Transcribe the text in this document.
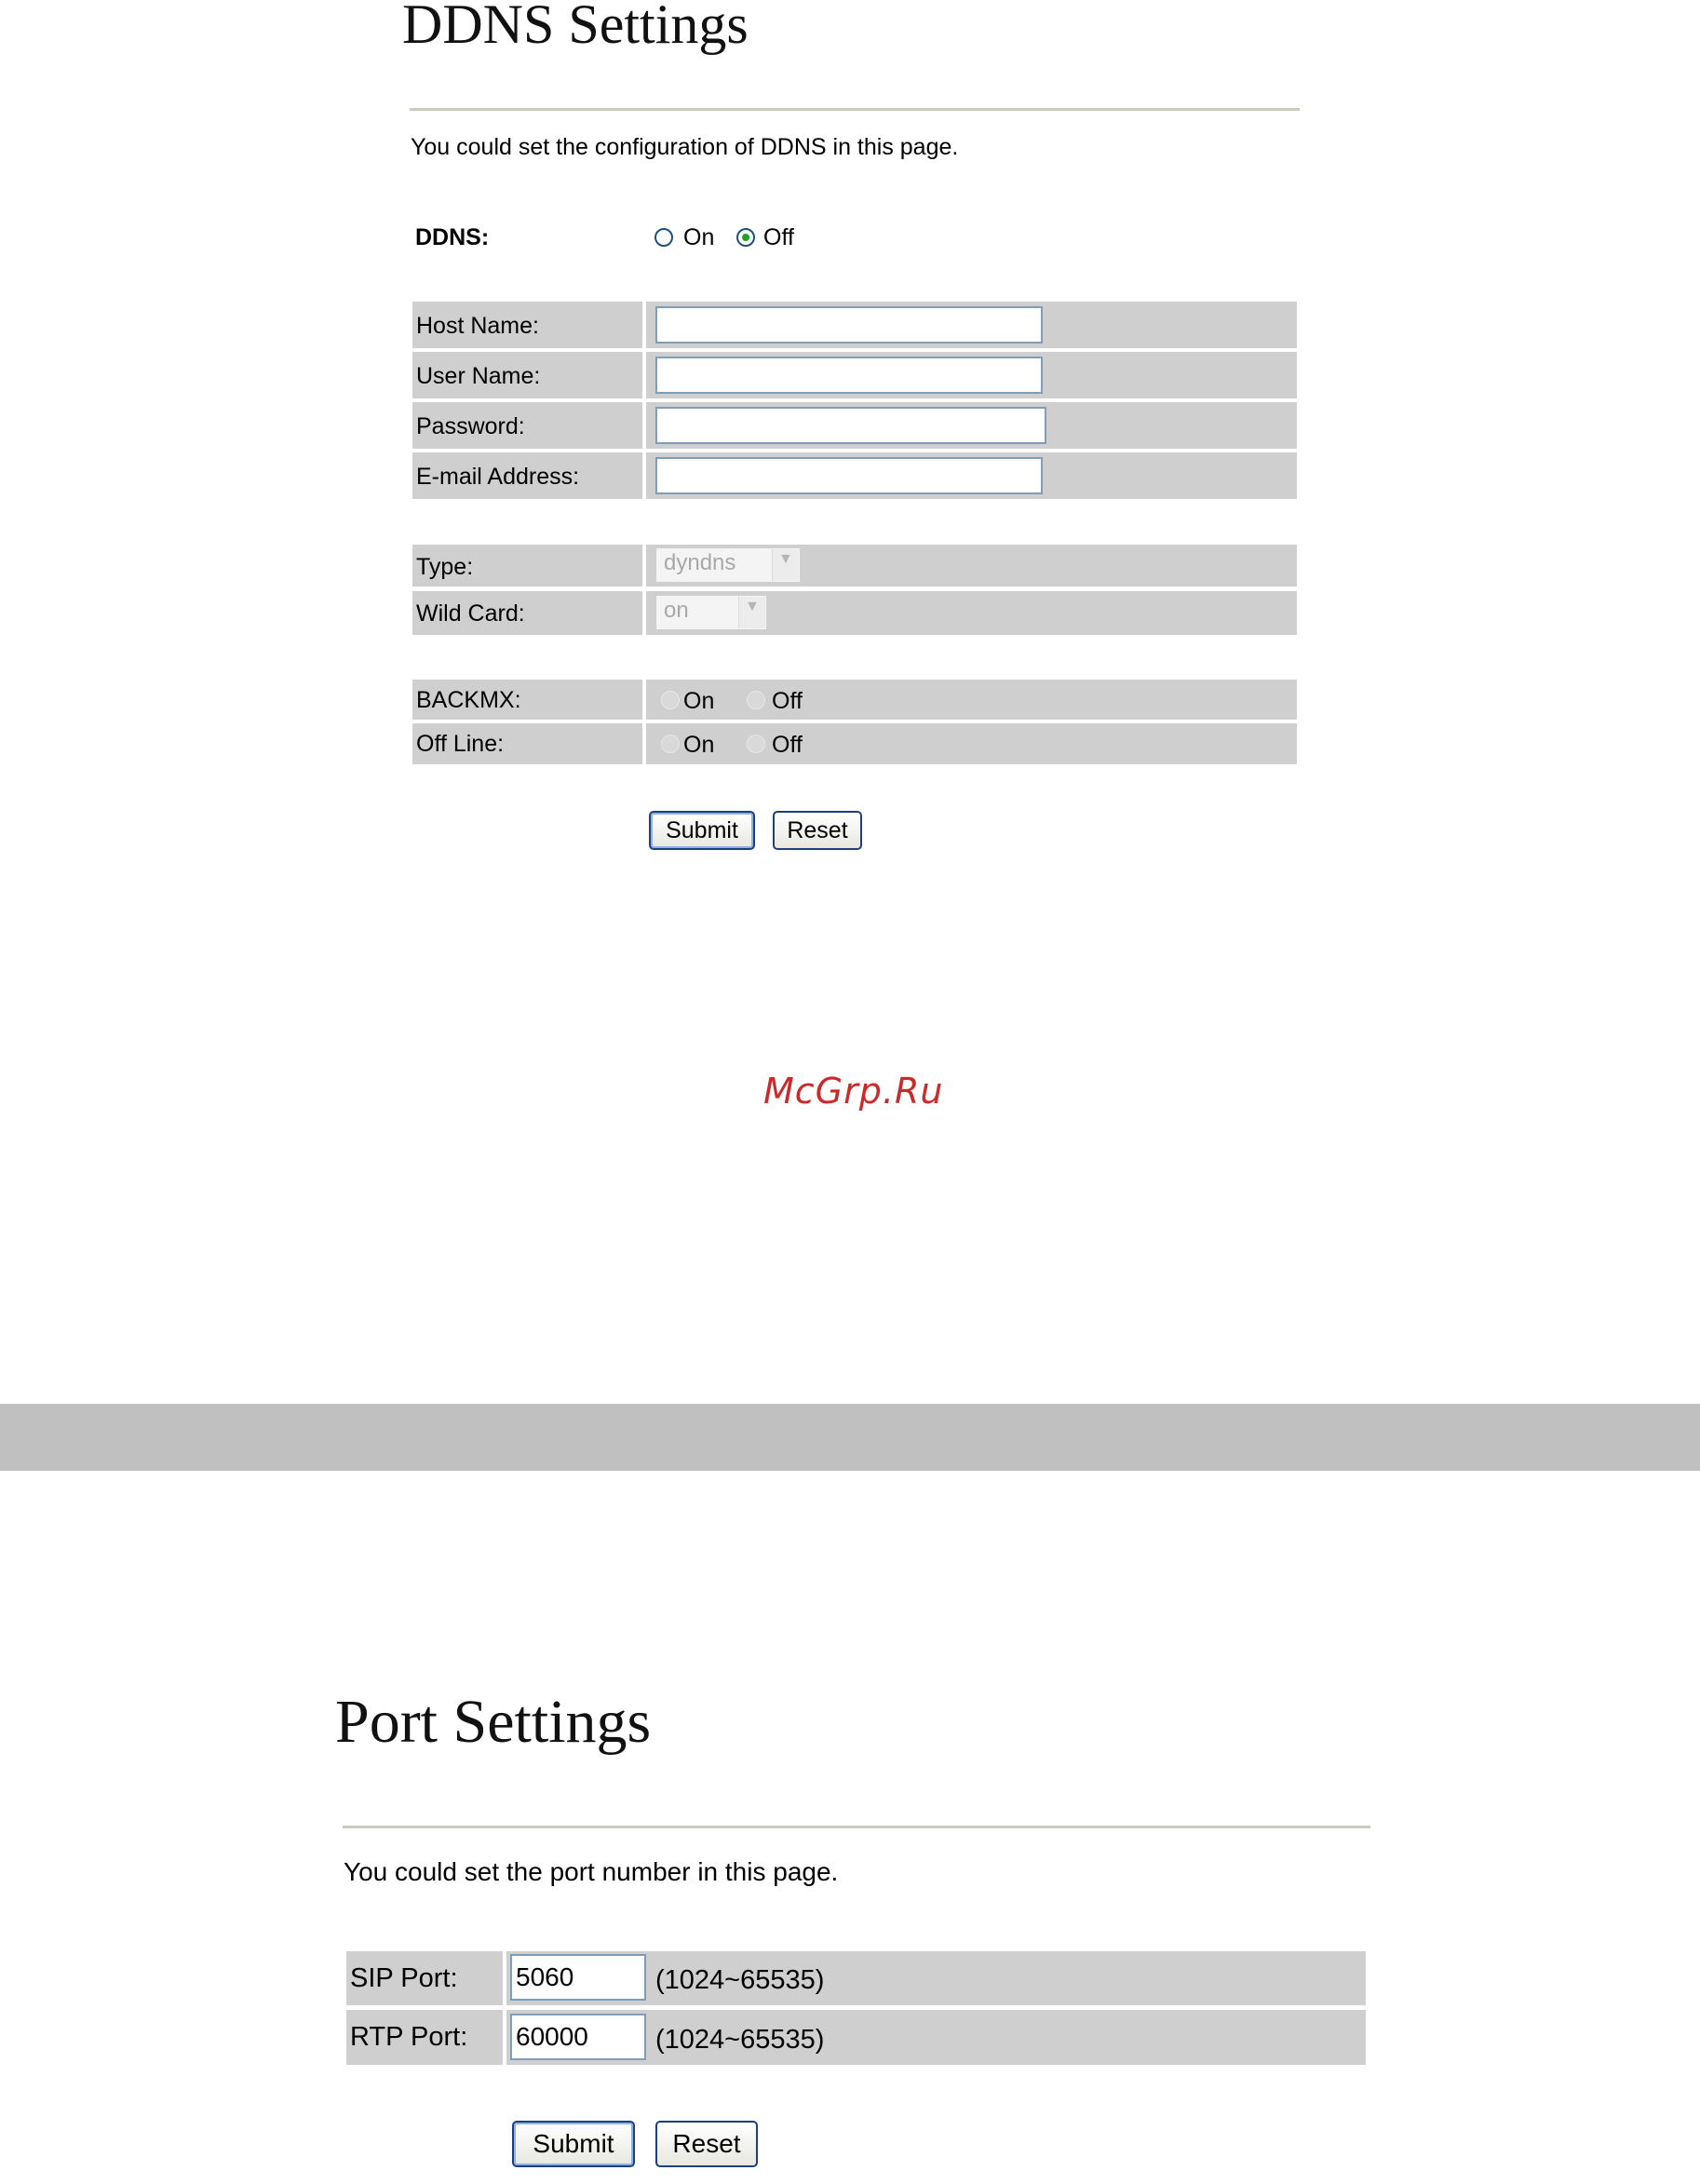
DDNS Settings
You could set the configuration of DDNS in this page.
DDNS:	On Off
Host Name:
User Name:
Password:
E-mail Address:
Type:	dyndns	▼
Wild Card:	on	▼
BACKMX:	On Off
Off Line:	On Off
Submit	Reset
McGrp.Ru
Port Settings
You could set the port number in this page.
SIP Port:
5060	(1024~65535)
RTP Port:
60000	(1024~65535)
Submit	Reset
